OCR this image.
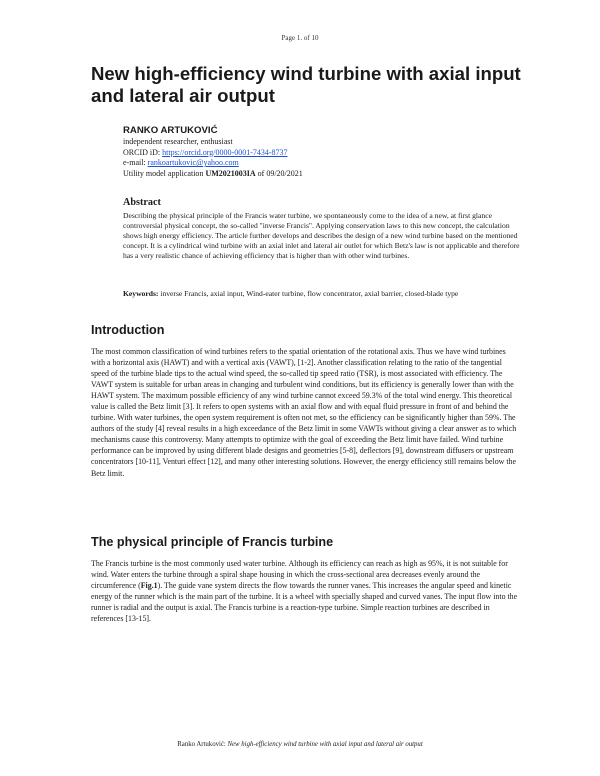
Page 1. of 10
New high-efficiency wind turbine with axial input and lateral air output
RANKO ARTUKOVIĆ
independent researcher, enthusiast
ORCID iD: https://orcid.org/0000-0001-7434-8737
e-mail: rankoartukovic@yahoo.com
Utility model application UM2021003IA of 09/20/2021
Abstract
Describing the physical principle of the Francis water turbine, we spontaneously come to the idea of a new, at first glance controversial physical concept, the so-called "inverse Francis". Applying conservation laws to this new concept, the calculation shows high energy efficiency. The article further develops and describes the design of a new wind turbine based on the mentioned concept. It is a cylindrical wind turbine with an axial inlet and lateral air outlet for which Betz's law is not applicable and therefore has a very realistic chance of achieving efficiency that is higher than with other wind turbines.
Keywords: inverse Francis, axial input, Wind-eater turbine, flow concentrator, axial barrier, closed-blade type
Introduction
The most common classification of wind turbines refers to the spatial orientation of the rotational axis. Thus we have wind turbines with a horizontal axis (HAWT) and with a vertical axis (VAWT), [1-2]. Another classification relating to the ratio of the tangential speed of the turbine blade tips to the actual wind speed, the so-called tip speed ratio (TSR), is most associated with efficiency. The VAWT system is suitable for urban areas in changing and turbulent wind conditions, but its efficiency is generally lower than with the HAWT system. The maximum possible efficiency of any wind turbine cannot exceed 59.3% of the total wind energy. This theoretical value is called the Betz limit [3]. It refers to open systems with an axial flow and with equal fluid pressure in front of and behind the turbine. With water turbines, the open system requirement is often not met, so the efficiency can be significantly higher than 59%. The authors of the study [4] reveal results in a high exceedance of the Betz limit in some VAWTs without giving a clear answer as to which mechanisms cause this controversy. Many attempts to optimize with the goal of exceeding the Betz limit have failed. Wind turbine performance can be improved by using different blade designs and geometries [5-8], deflectors [9], downstream diffusers or upstream concentrators [10-11], Venturi effect [12], and many other interesting solutions. However, the energy efficiency still remains below the Betz limit.
The physical principle of Francis turbine
The Francis turbine is the most commonly used water turbine. Although its efficiency can reach as high as 95%, it is not suitable for wind. Water enters the turbine through a spiral shape housing in which the cross-sectional area decreases evenly around the circumference (Fig.1). The guide vane system directs the flow towards the runner vanes. This increases the angular speed and kinetic energy of the runner which is the main part of the turbine. It is a wheel with specially shaped and curved vanes. The input flow into the runner is radial and the output is axial. The Francis turbine is a reaction-type turbine. Simple reaction turbines are described in references [13-15].
Ranko Artuković: New high-efficiency wind turbine with axial input and lateral air output
